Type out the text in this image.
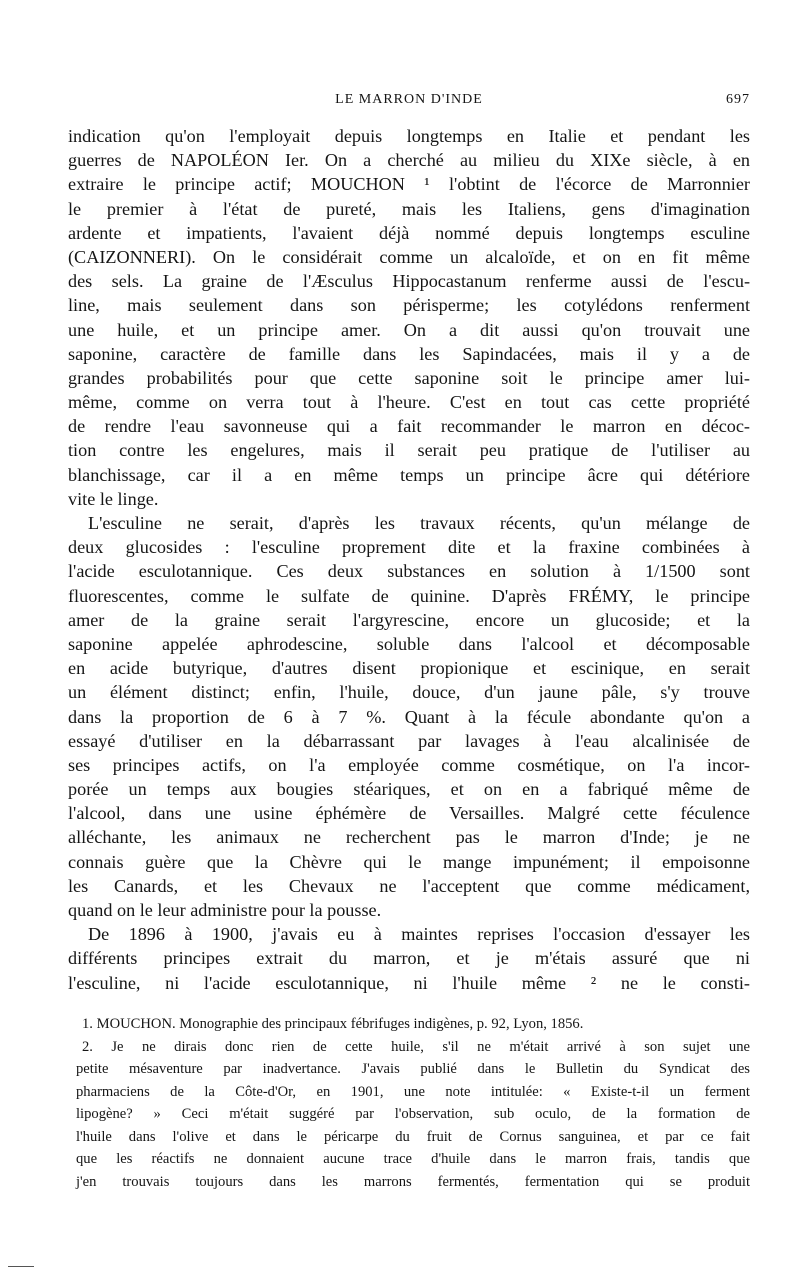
LE MARRON D'INDE	697
indication qu'on l'employait depuis longtemps en Italie et pendant les
guerres de NAPOLÉON Ier. On a cherché au milieu du XIXe siècle, à en
extraire le principe actif; MOUCHON ¹ l'obtint de l'écorce de Marronnier
le premier à l'état de pureté, mais les Italiens, gens d'imagination
ardente et impatients, l'avaient déjà nommé depuis longtemps esculine
(CAIZONNERI). On le considérait comme un alcaloïde, et on en fit même
des sels. La graine de l'Æsculus Hippocastanum renferme aussi de l'escu-
line, mais seulement dans son périsperme; les cotylédons renferment
une huile, et un principe amer. On a dit aussi qu'on trouvait une
saponine, caractère de famille dans les Sapindacées, mais il y a de
grandes probabilités pour que cette saponine soit le principe amer lui-
même, comme on verra tout à l'heure. C'est en tout cas cette propriété
de rendre l'eau savonneuse qui a fait recommander le marron en décoc-
tion contre les engelures, mais il serait peu pratique de l'utiliser au
blanchissage, car il a en même temps un principe âcre qui détériore
vite le linge.
L'esculine ne serait, d'après les travaux récents, qu'un mélange de
deux glucosides : l'esculine proprement dite et la fraxine combinées à
l'acide esculotannique. Ces deux substances en solution à 1/1500 sont
fluorescentes, comme le sulfate de quinine. D'après FRÉMY, le principe
amer de la graine serait l'argyrescine, encore un glucoside; et la
saponine appelée aphrodescine, soluble dans l'alcool et décomposable
en acide butyrique, d'autres disent propionique et escinique, en serait
un élément distinct; enfin, l'huile, douce, d'un jaune pâle, s'y trouve
dans la proportion de 6 à 7 %. Quant à la fécule abondante qu'on a
essayé d'utiliser en la débarrassant par lavages à l'eau alcalinisée de
ses principes actifs, on l'a employée comme cosmétique, on l'a incor-
porée un temps aux bougies stéariques, et on en a fabriqué même de
l'alcool, dans une usine éphémère de Versailles. Malgré cette féculence
alléchante, les animaux ne recherchent pas le marron d'Inde; je ne
connais guère que la Chèvre qui le mange impunément; il empoisonne
les Canards, et les Chevaux ne l'acceptent que comme médicament,
quand on le leur administre pour la pousse.
De 1896 à 1900, j'avais eu à maintes reprises l'occasion d'essayer les
différents principes extrait du marron, et je m'étais assuré que ni
l'esculine, ni l'acide esculotannique, ni l'huile même ² ne le consti-
1. MOUCHON. Monographie des principaux fébrifuges indigènes, p. 92, Lyon, 1856.
2. Je ne dirais donc rien de cette huile, s'il ne m'était arrivé à son sujet une
petite mésaventure par inadvertance. J'avais publié dans le Bulletin du Syndicat des
pharmaciens de la Côte-d'Or, en 1901, une note intitulée: « Existe-t-il un ferment
lipogène? » Ceci m'était suggéré par l'observation, sub oculo, de la formation de
l'huile dans l'olive et dans le péricarpe du fruit de Cornus sanguinea, et par ce fait
que les réactifs ne donnaient aucune trace d'huile dans le marron frais, tandis que
j'en trouvais toujours dans les marrons fermentés, fermentation qui se produit
